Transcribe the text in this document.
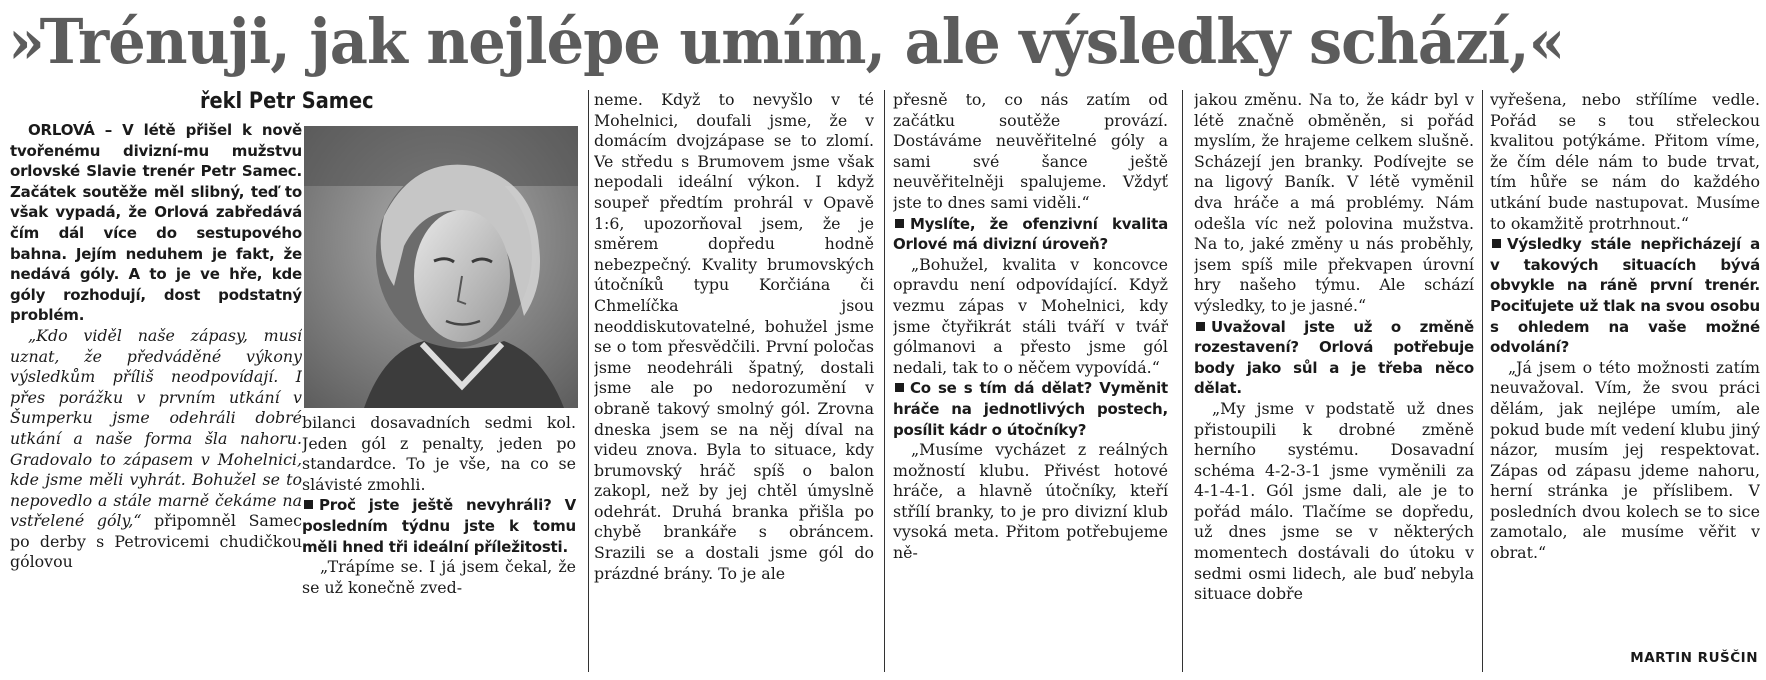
»Trénuji, jak nejlépe umím, ale výsledky schází,«
řekl Petr Samec

ORLOVÁ – V létě přišel k nově tvořenému divizní-mu mužstvu orlovské Slavie trenér Petr Samec. Začátek soutěže měl slibný, teď to však vypadá, že Orlová zabředává čím dál více do sestupového bahna. Jejím neduhem je fakt, že nedává góly. A to je ve hře, kde góly rozhodují, dost podstatný problém.

„Kdo viděl naše zápasy, musí uznat, že předváděné výkony výsledkům příliš neodpovídají. I přes porážku v prvním utkání v Šumperku jsme odehráli dobré utkání a naše forma šla nahoru. Gradovalo to zápasem v Mohelnici, kde jsme měli vyhrát. Bohužel se to nepovedlo a stále marně čekáme na vstřelené góly,“ připomněl Samec po derby s Petrovicemi chudičkou gólovou

bilanci dosavadních sedmi kol. Jeden gól z penalty, jeden po standardce. To je vše, na co se slávisté zmohli.

Proč jste ještě nevyhráli? V posledním týdnu jste k tomu měli hned tři ideální příležitosti.

„Trápíme se. I já jsem čekal, že se už konečně zved-

neme. Když to nevyšlo v té Mohelnici, doufali jsme, že v domácím dvojzápase se to zlomí. Ve středu s Brumovem jsme však nepodali ideální výkon. I když soupeř předtím prohrál v Opavě 1:6, upozorňoval jsem, že je směrem dopředu hodně nebezpečný. Kvality brumovských útočníků typu Korčiána či Chmelíčka jsou neoddiskutovatelné, bohužel jsme se o tom přesvědčili. První poločas jsme neodehráli špatný, dostali jsme ale po nedorozumění v obraně takový smolný gól. Zrovna dneska jsem se na něj díval na videu znova. Byla to situace, kdy brumovský hráč spíš o balon zakopl, než by jej chtěl úmyslně odehrát. Druhá branka přišla po chybě brankáře s obráncem. Srazili se a dostali jsme gól do prázdné brány. To je ale

přesně to, co nás zatím od začátku soutěže provází. Dostáváme neuvěřitelné góly a sami své šance ještě neuvěřitelněji spalujeme. Vždyť jste to dnes sami viděli.“

Myslíte, že ofenzivní kvalita Orlové má divizní úroveň?

„Bohužel, kvalita v koncovce opravdu není odpovídající. Když vezmu zápas v Mohelnici, kdy jsme čtyřikrát stáli tváří v tvář gólmanovi a přesto jsme gól nedali, tak to o něčem vypovídá.“

Co se s tím dá dělat? Vyměnit hráče na jednotlivých postech, posílit kádr o útočníky?

„Musíme vycházet z reálných možností klubu. Přivést hotové hráče, a hlavně útočníky, kteří střílí branky, to je pro divizní klub vysoká meta. Přitom potřebujeme ně-

jakou změnu. Na to, že kádr byl v létě značně obměněn, si pořád myslím, že hrajeme celkem slušně. Scházejí jen branky. Podívejte se na ligový Baník. V létě vyměnil dva hráče a má problémy. Nám odešla víc než polovina mužstva. Na to, jaké změny u nás proběhly, jsem spíš mile překvapen úrovní hry našeho týmu. Ale schází výsledky, to je jasné.“

Uvažoval jste už o změně rozestavení? Orlová potřebuje body jako sůl a je třeba něco dělat.

„My jsme v podstatě už dnes přistoupili k drobné změně herního systému. Dosavadní schéma 4-2-3-1 jsme vyměnili za 4-1-4-1. Gól jsme dali, ale je to pořád málo. Tlačíme se dopředu, už dnes jsme se v některých momentech dostávali do útoku v sedmi osmi lidech, ale buď nebyla situace dobře

vyřešena, nebo střílíme vedle. Pořád se s tou střeleckou kvalitou potýkáme. Přitom víme, že čím déle nám to bude trvat, tím hůře se nám do každého utkání bude nastupovat. Musíme to okamžitě protrhnout.“

Výsledky stále nepřicházejí a v takových situacích bývá obvykle na ráně první trenér. Pociťujete už tlak na svou osobu s ohledem na vaše možné odvolání?

„Já jsem o této možnosti zatím neuvažoval. Vím, že svou práci dělám, jak nejlépe umím, ale pokud bude mít vedení klubu jiný názor, musím jej respektovat. Zápas od zápasu jdeme nahoru, herní stránka je příslibem. V posledních dvou kolech se to sice zamotalo, ale musíme věřit v obrat.“

MARTIN RUŠČIN
